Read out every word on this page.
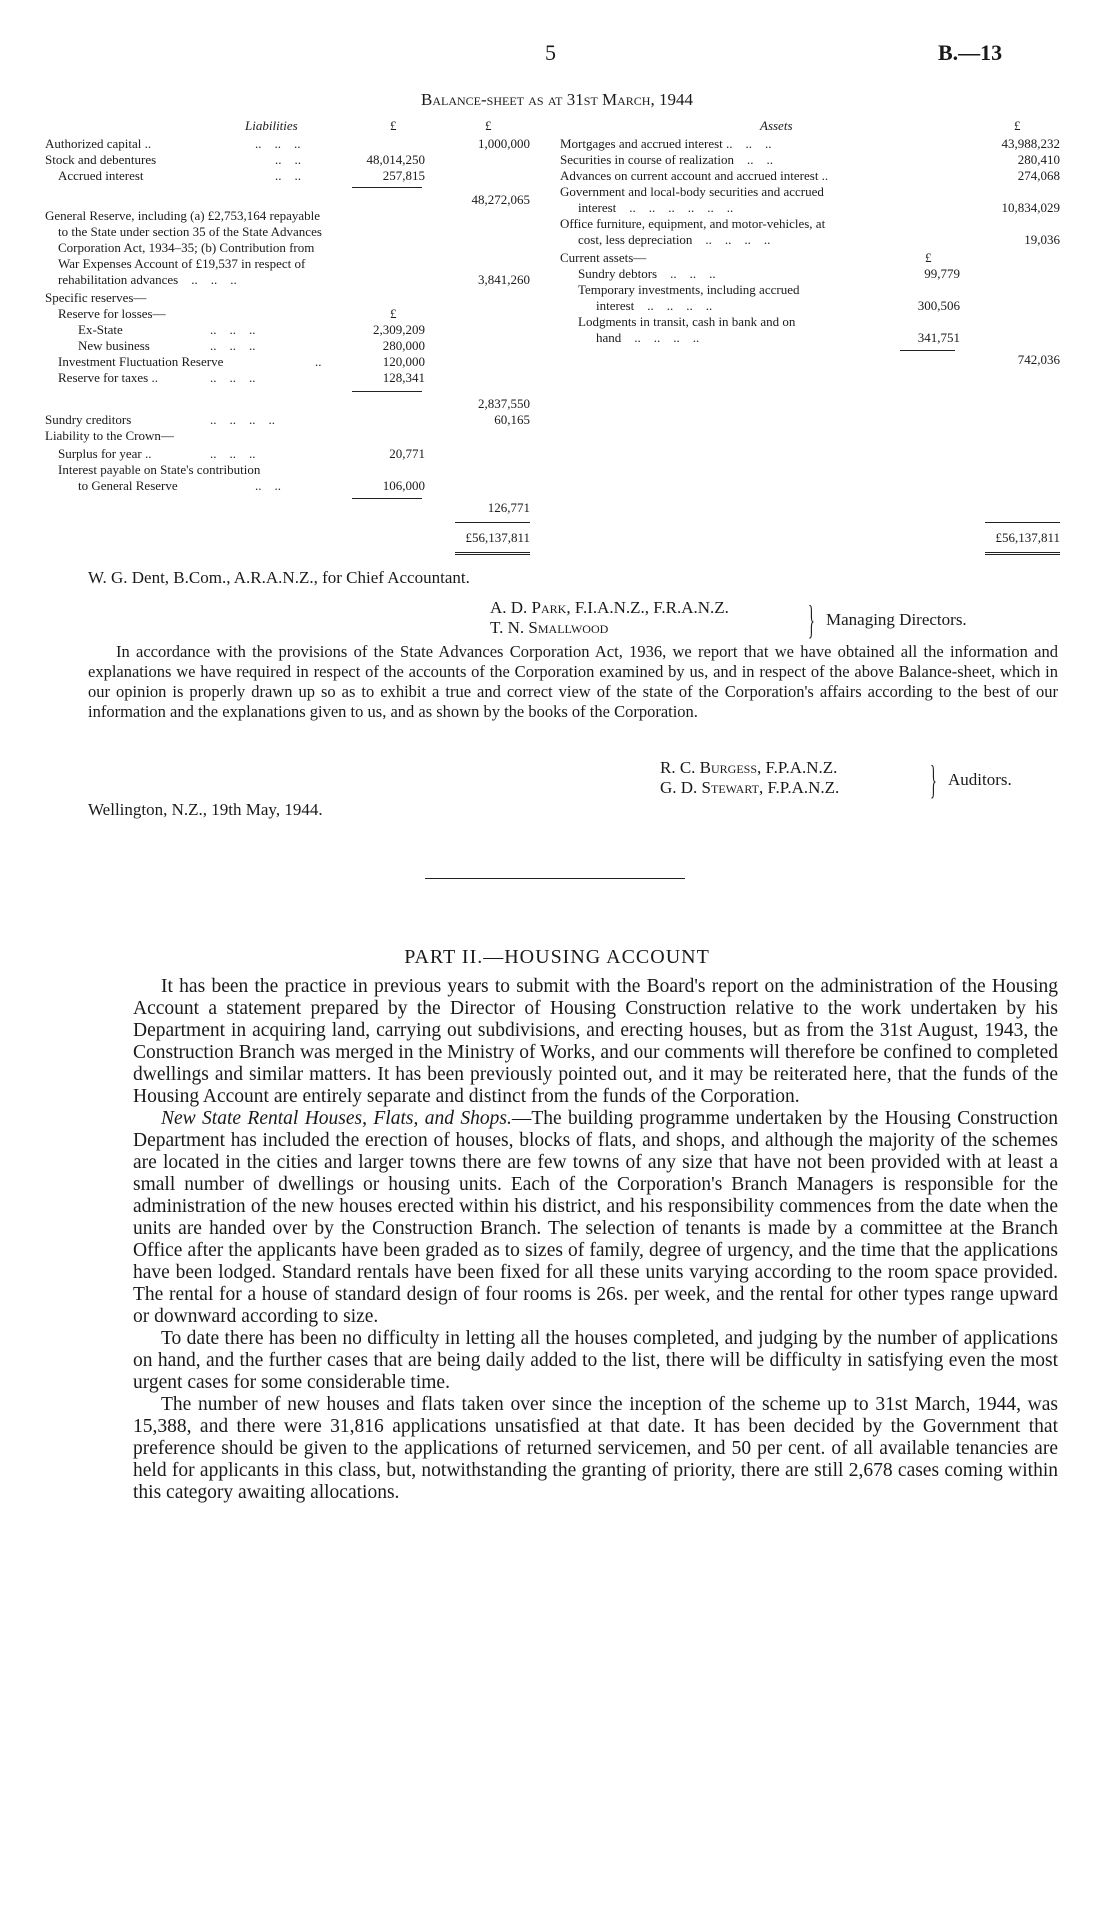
5	B.—13
Balance-sheet as at 31st March, 1944
Liabilities	£	£
Authorized capital ..	..    ..    ..	1,000,000
Stock and debentures	..    ..	48,014,250
Accrued interest	..    ..	257,815
48,272,065
General Reserve, including (a) £2,753,164 repayable
to the State under section 35 of the State Advances
Corporation Act, 1934–35; (b) Contribution from
War Expenses Account of £19,537 in respect of
rehabilitation advances    ..    ..    ..	3,841,260
Specific reserves—
Reserve for losses—	£
Ex-State	..    ..    ..	2,309,209
New business	..    ..    ..	280,000
Investment Fluctuation Reserve	..	120,000
Reserve for taxes ..	..    ..    ..	128,341
2,837,550
Sundry creditors	..    ..    ..    ..	60,165
Liability to the Crown—
Surplus for year ..	..    ..    ..	20,771
Interest payable on State's contribution
to General Reserve	..    ..	106,000
126,771
£56,137,811
Assets	£
Mortgages and accrued interest ..    ..    ..	43,988,232
Securities in course of realization    ..    ..	280,410
Advances on current account and accrued interest ..	274,068
Government and local-body securities and accrued
interest    ..    ..    ..    ..    ..    ..	10,834,029
Office furniture, equipment, and motor-vehicles, at
cost, less depreciation    ..    ..    ..    ..	19,036
Current assets—	£
Sundry debtors    ..    ..    ..	99,779
Temporary investments, including accrued
interest    ..    ..    ..    ..	300,506
Lodgments in transit, cash in bank and on
hand    ..    ..    ..    ..	341,751
742,036
£56,137,811
W. G. Dent, B.Com., A.R.A.N.Z., for Chief Accountant.
A. D. Park, F.I.A.N.Z., F.R.A.N.Z.
T. N. Smallwood	} Managing Directors.
In accordance with the provisions of the State Advances Corporation Act, 1936, we report that we have obtained all the information and explanations we have required in respect of the accounts of the Corporation examined by us, and in respect of the above Balance-sheet, which in our opinion is properly drawn up so as to exhibit a true and correct view of the state of the Corporation's affairs according to the best of our information and the explanations given to us, and as shown by the books of the Corporation.
R. C. Burgess, F.P.A.N.Z.
G. D. Stewart, F.P.A.N.Z. } Auditors.
Wellington, N.Z., 19th May, 1944.
PART II.—HOUSING ACCOUNT

It has been the practice in previous years to submit with the Board's report on the administration of the Housing Account a statement prepared by the Director of Housing Construction relative to the work undertaken by his Department in acquiring land, carrying out subdivisions, and erecting houses, but as from the 31st August, 1943, the Construction Branch was merged in the Ministry of Works, and our comments will therefore be confined to completed dwellings and similar matters. It has been previously pointed out, and it may be reiterated here, that the funds of the Housing Account are entirely separate and distinct from the funds of the Corporation.

New State Rental Houses, Flats, and Shops.—The building programme undertaken by the Housing Construction Department has included the erection of houses, blocks of flats, and shops, and although the majority of the schemes are located in the cities and larger towns there are few towns of any size that have not been provided with at least a small number of dwellings or housing units. Each of the Corporation's Branch Managers is responsible for the administration of the new houses erected within his district, and his responsibility commences from the date when the units are handed over by the Construction Branch. The selection of tenants is made by a committee at the Branch Office after the applicants have been graded as to sizes of family, degree of urgency, and the time that the applications have been lodged. Standard rentals have been fixed for all these units varying according to the room space provided. The rental for a house of standard design of four rooms is 26s. per week, and the rental for other types range upward or downward according to size.

To date there has been no difficulty in letting all the houses completed, and judging by the number of applications on hand, and the further cases that are being daily added to the list, there will be difficulty in satisfying even the most urgent cases for some considerable time.

The number of new houses and flats taken over since the inception of the scheme up to 31st March, 1944, was 15,388, and there were 31,816 applications unsatisfied at that date. It has been decided by the Government that preference should be given to the applications of returned servicemen, and 50 per cent. of all available tenancies are held for applicants in this class, but, notwithstanding the granting of priority, there are still 2,678 cases coming within this category awaiting allocations.
